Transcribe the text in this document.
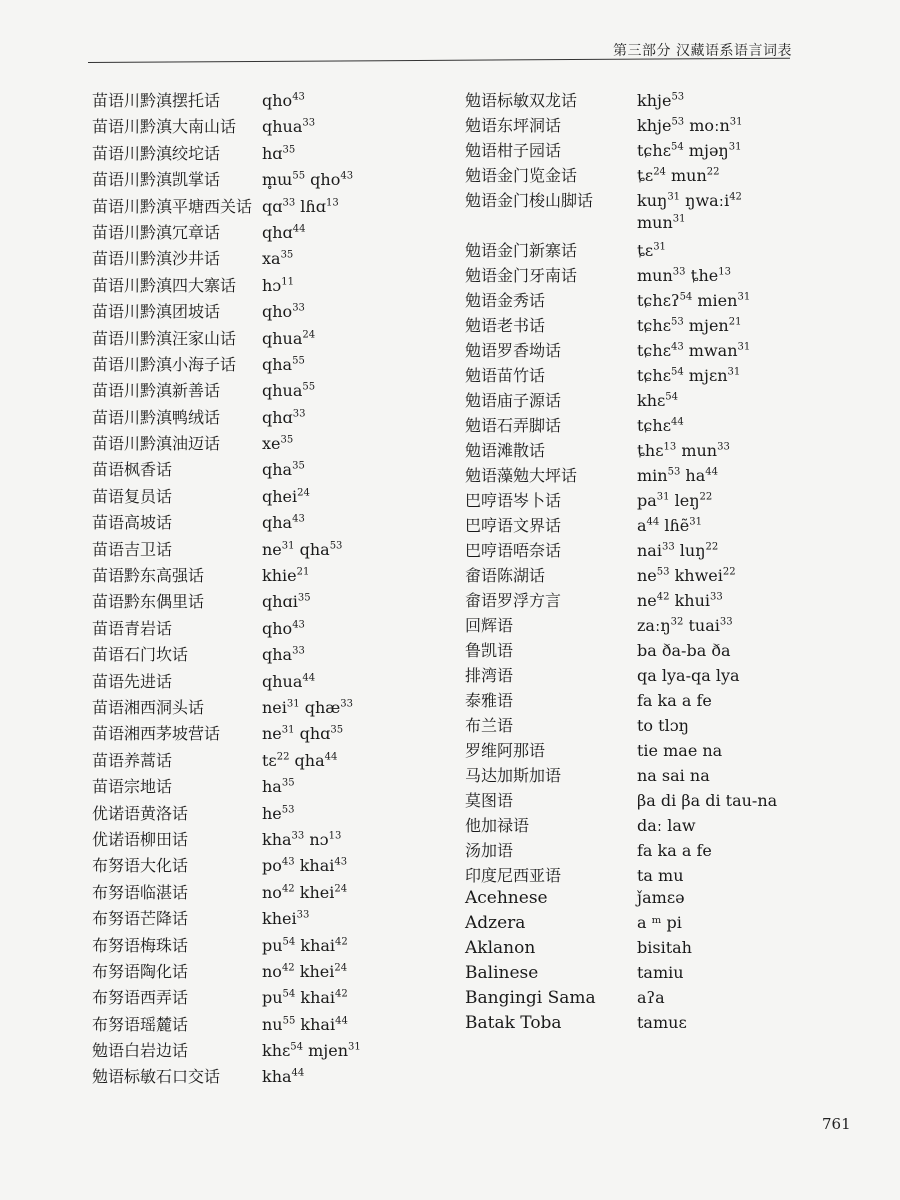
第三部分 汉藏语系语言词表
苗语川黔滇摆托话	qho$^{43}$
苗语川黔滇大南山话	qhua$^{33}$
苗语川黔滇绞坨话	hɑ$^{35}$
苗语川黔滇凯掌话	m̥ɯ$^{55}$ qho$^{43}$
苗语川黔滇平塘西关话 qɑ$^{33}$ lɦɑ$^{13}$
苗语川黔滇冗章话	qhɑ$^{44}$
苗语川黔滇沙井话	$xa^{35}$
苗语川黔滇四大寨话	hɔ$^{11}$
苗语川黔滇团坡话	qho$^{33}$
苗语川黔滇汪家山话	qhua$^{24}$
苗语川黔滇小海子话	qha$^{55}$
苗语川黔滇新善话	qhua$^{55}$
苗语川黔滇鸭绒话	qhɑ$^{33}$
苗语川黔滇油迈话	$xe^{35}$
苗语枫香话	qha$^{35}$
苗语复员话	qhei$^{24}$
苗语高坡话	qha$^{43}$
苗语吉卫话	$ne^{31}$ qha$^{53}$
苗语黔东高强话	khie$^{21}$
苗语黔东偶里话	qhɑi$^{35}$
苗语青岩话	qho$^{43}$
苗语石门坎话	qha$^{33}$
苗语先进话	qhua$^{44}$
苗语湘西洞头话	nei$^{31}$ qhæ$^{33}$
苗语湘西茅坡营话	$ne^{31}$ qhɑ$^{35}$
苗语养蒿话	tɛ$^{22}$ qha$^{44}$
苗语宗地话	$ha^{35}$
优诺语黄洛话	$he^{53}$
优诺语柳田话	kha$^{33}$ nɔ$^{13}$
布努语大化话	$po^{43}$ khai$^{43}$
布努语临湛话	$no^{42}$ khei$^{24}$
布努语芒降话	khei$^{33}$
布努语梅珠话	$pu^{54}$ khai$^{42}$
布努语陶化话	$no^{42}$ khei$^{24}$
布努语西弄话	$pu^{54}$ khai$^{42}$
布努语瑶麓话	$nu^{55}$ khai$^{44}$
勉语白岩边话	khɛ$^{54}$ mjen$^{31}$
勉语标敏石口交话	kha$^{44}$
勉语标敏双龙话	khje$^{53}$
勉语东坪洞话	khje$^{53}$ moːn$^{31}$
勉语柑子园话	tɕhɛ$^{54}$ mjəŋ$^{31}$
勉语金门览金话	ȶɛ$^{24}$ mun$^{22}$
勉语金门梭山脚话	kuŋ$^{31}$ ŋwaːi$^{42}$
mun$^{31}$
勉语金门新寨话	ȶɛ$^{31}$
勉语金门牙南话	mun$^{33}$ ȶhe$^{13}$
勉语金秀话	tɕhɛʔ$^{54}$ mien$^{31}$
勉语老书话	tɕhɛ$^{53}$ mjen$^{21}$
勉语罗香坳话	tɕhɛ$^{43}$ mwan$^{31}$
勉语苗竹话	tɕhɛ$^{54}$ mjɛn$^{31}$
勉语庙子源话	khɛ$^{54}$
勉语石弄脚话	tɕhɛ$^{44}$
勉语滩散话	ȶhɛ$^{13}$ mun$^{33}$
勉语藻勉大坪话	$\min^{53} ha^{44}$
巴哼语岑卜话	$pa^{31}$ leŋ$^{22}$
巴哼语文界话	$a^{44}$ lɦẽ$^{31}$
巴哼语唔奈话	nai$^{33}$ luŋ$^{22}$
畲语陈湖话	$ne^{53}$ khwei$^{22}$
畲语罗浮方言	$ne^{42}$ khui$^{33}$
回辉语	zaːŋ$^{32}$ tuai$^{33}$
鲁凯语	ba ða-ba ða
排湾语	qa lya-qa lya
泰雅语	fa ka a fe
布兰语	to tlɔŋ
罗维阿那语	tie mae na
马达加斯加语	na sai na
莫图语	βa di βa di tau-na
他加禄语	daː law
汤加语	fa ka a fe
印度尼西亚语	ta mu
Acehnese	ǰamɛə
Adzera	a ᵐ pi
Aklanon	bisitah
Balinese	tamiu
Bangingi Sama	aʔa
Batak Toba	tamuɛ
761
